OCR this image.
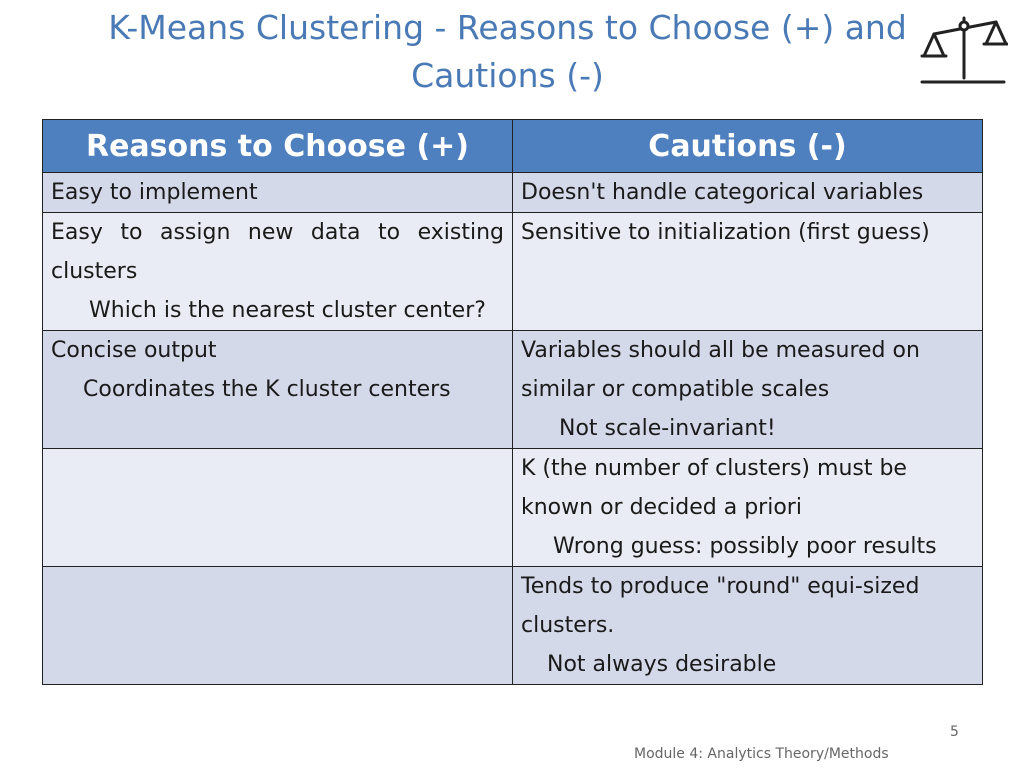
K-Means Clustering - Reasons to Choose (+) and
Cautions (-)
Reasons to Choose (+)	Cautions (-)

Easy to implement	Doesn't handle categorical variables

Easy to assign new data to existing
clusters
Which is the nearest cluster center?	Sensitive to initialization (first guess)

Concise output
Coordinates the K cluster centers	Variables should all be measured on
similar or compatible scales
Not scale-invariant!

	K (the number of clusters) must be
known or decided a priori
Wrong guess: possibly poor results

	Tends to produce "round" equi-sized
clusters.
Not always desirable
5
Module 4: Analytics Theory/Methods
